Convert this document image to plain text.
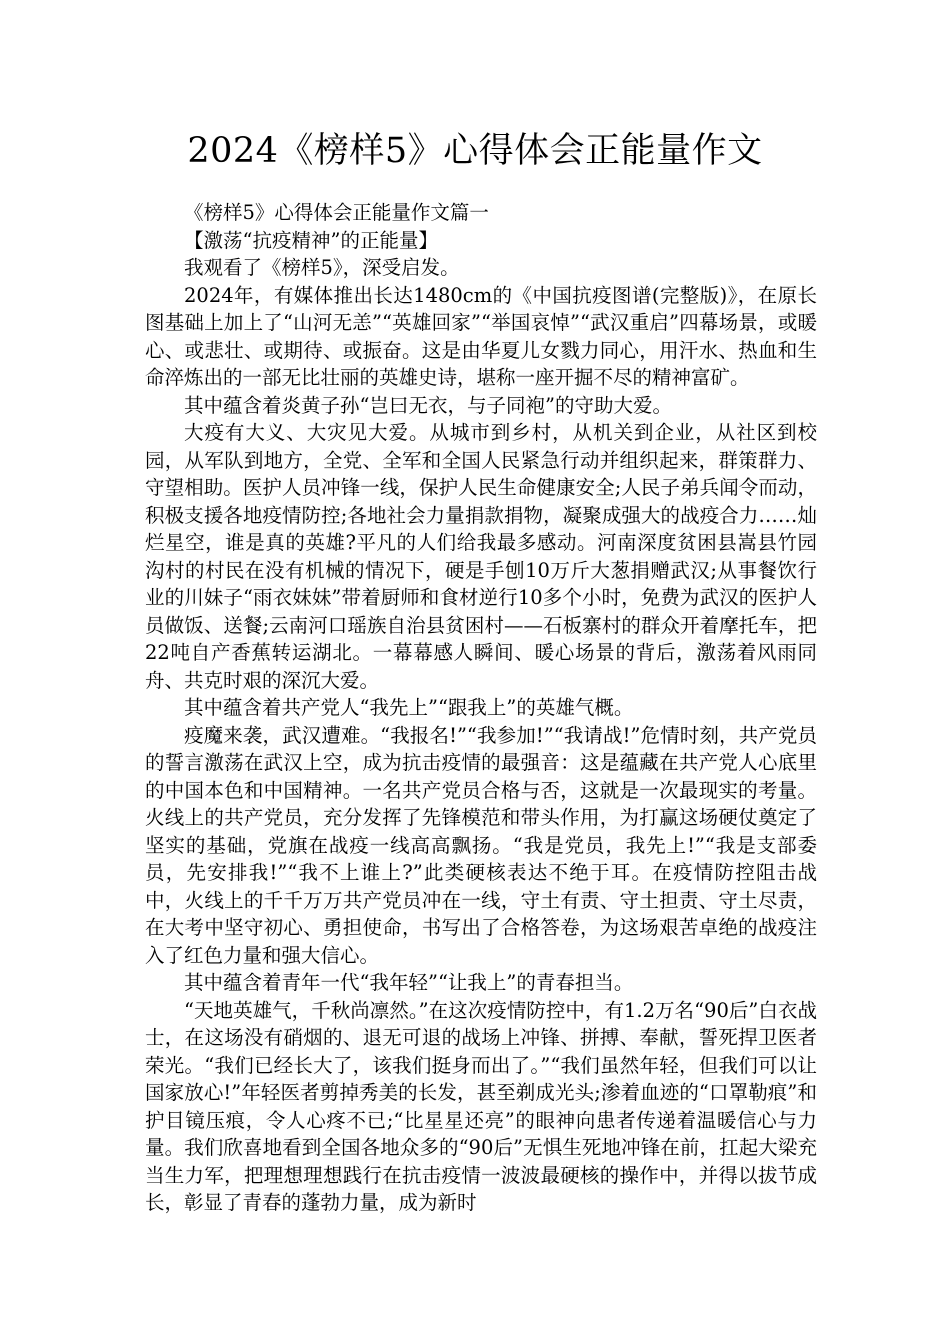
2024《榜样5》心得体会正能量作文

《榜样5》心得体会正能量作文篇一

【激荡“抗疫精神”的正能量】

我观看了《榜样5》，深受启发。

2024年，有媒体推出长达1480cm的《中国抗疫图谱(完整版)》，在原长图基础上加上了“山河无恙”“英雄回家”“举国哀悼”“武汉重启”四幕场景，或暖心、或悲壮、或期待、或振奋。这是由华夏儿女戮力同心，用汗水、热血和生命淬炼出的一部无比壮丽的英雄史诗，堪称一座开掘不尽的精神富矿。

其中蕴含着炎黄子孙“岂曰无衣，与子同袍”的守助大爱。

大疫有大义、大灾见大爱。从城市到乡村，从机关到企业，从社区到校园，从军队到地方，全党、全军和全国人民紧急行动并组织起来，群策群力、守望相助。医护人员冲锋一线，保护人民生命健康安全;人民子弟兵闻令而动，积极支援各地疫情防控;各地社会力量捐款捐物，凝聚成强大的战疫合力……灿烂星空，谁是真的英雄?平凡的人们给我最多感动。河南深度贫困县嵩县竹园沟村的村民在没有机械的情况下，硬是手刨10万斤大葱捐赠武汉;从事餐饮行业的川妹子“雨衣妹妹”带着厨师和食材逆行10多个小时，免费为武汉的医护人员做饭、送餐;云南河口瑶族自治县贫困村——石板寨村的群众开着摩托车，把22吨自产香蕉转运湖北。一幕幕感人瞬间、暖心场景的背后，激荡着风雨同舟、共克时艰的深沉大爱。

其中蕴含着共产党人“我先上”“跟我上”的英雄气概。

疫魔来袭，武汉遭难。“我报名!”“我参加!”“我请战!”危情时刻，共产党员的誓言激荡在武汉上空，成为抗击疫情的最强音：这是蕴藏在共产党人心底里的中国本色和中国精神。一名共产党员合格与否，这就是一次最现实的考量。火线上的共产党员，充分发挥了先锋模范和带头作用，为打赢这场硬仗奠定了坚实的基础，党旗在战疫一线高高飘扬。“我是党员，我先上!”“我是支部委员，先安排我!”“我不上谁上?”此类硬核表达不绝于耳。在疫情防控阻击战中，火线上的千千万万共产党员冲在一线，守土有责、守土担责、守土尽责，在大考中坚守初心、勇担使命，书写出了合格答卷，为这场艰苦卓绝的战疫注入了红色力量和强大信心。

其中蕴含着青年一代“我年轻”“让我上”的青春担当。

“天地英雄气，千秋尚凛然。”在这次疫情防控中，有1.2万名“90后”白衣战士，在这场没有硝烟的、退无可退的战场上冲锋、拼搏、奉献，誓死捍卫医者荣光。“我们已经长大了，该我们挺身而出了。”“我们虽然年轻，但我们可以让国家放心!”年轻医者剪掉秀美的长发，甚至剃成光头;渗着血迹的“口罩勒痕”和护目镜压痕，令人心疼不已;“比星星还亮”的眼神向患者传递着温暖信心与力量。我们欣喜地看到全国各地众多的“90后”无惧生死地冲锋在前，扛起大梁充当生力军，把理想理想践行在抗击疫情一波波最硬核的操作中，并得以拔节成长，彰显了青春的蓬勃力量，成为新时
